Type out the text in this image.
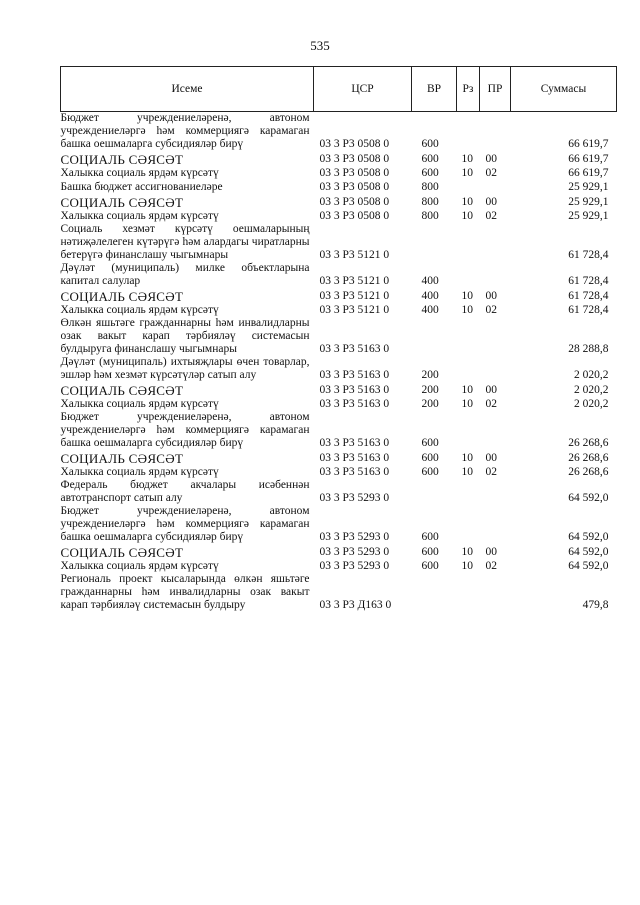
535
Исеме	ЦСР	ВР	Рз	ПР	Суммасы
Бюджет учреждениеләренә, автоном учреждениеләргә һәм коммерциягә карамаган башка оешмаларга субсидияләр бирү	03 3 Р3 0508 0	600			66 619,7
СОЦИАЛЬ СӘЯСӘТ	03 3 Р3 0508 0	600	10	00	66 619,7
Халыкка социаль ярдәм күрсәтү	03 3 Р3 0508 0	600	10	02	66 619,7
Башка бюджет ассигнованиеләре	03 3 Р3 0508 0	800			25 929,1
СОЦИАЛЬ СӘЯСӘТ	03 3 Р3 0508 0	800	10	00	25 929,1
Халыкка социаль ярдәм күрсәтү	03 3 Р3 0508 0	800	10	02	25 929,1
Социаль хезмәт күрсәтү оешмаларының нәтиҗәлелеген күтәрүгә һәм алардагы чиратларны бетерүгә финанслашу чыгымнары	03 3 Р3 5121 0				61 728,4
Дәүләт (муниципаль) милке объектларына капитал салулар	03 3 Р3 5121 0	400			61 728,4
СОЦИАЛЬ СӘЯСӘТ	03 3 Р3 5121 0	400	10	00	61 728,4
Халыкка социаль ярдәм күрсәтү	03 3 Р3 5121 0	400	10	02	61 728,4
Өлкән яшьтәге гражданнарны һәм инвалидларны озак вакыт карап тәрбияләү системасын булдыруга финанслашу чыгымнары	03 3 Р3 5163 0				28 288,8
Дәүләт (муниципаль) ихтыяҗлары өчен товарлар, эшләр һәм хезмәт күрсәтүләр сатып алу	03 3 Р3 5163 0	200			2 020,2
СОЦИАЛЬ СӘЯСӘТ	03 3 Р3 5163 0	200	10	00	2 020,2
Халыкка социаль ярдәм күрсәтү	03 3 Р3 5163 0	200	10	02	2 020,2
Бюджет учреждениеләренә, автоном учреждениеләргә һәм коммерциягә карамаган башка оешмаларга субсидияләр бирү	03 3 Р3 5163 0	600			26 268,6
СОЦИАЛЬ СӘЯСӘТ	03 3 Р3 5163 0	600	10	00	26 268,6
Халыкка социаль ярдәм күрсәтү	03 3 Р3 5163 0	600	10	02	26 268,6
Федераль бюджет акчалары исәбеннән автотранспорт сатып алу	03 3 Р3 5293 0				64 592,0
Бюджет учреждениеләренә, автоном учреждениеләргә һәм коммерциягә карамаган башка оешмаларга субсидияләр бирү	03 3 Р3 5293 0	600			64 592,0
СОЦИАЛЬ СӘЯСӘТ	03 3 Р3 5293 0	600	10	00	64 592,0
Халыкка социаль ярдәм күрсәтү	03 3 Р3 5293 0	600	10	02	64 592,0
Региональ проект кысаларында өлкән яшьтәге гражданнарны һәм инвалидларны озак вакыт карап тәрбияләү системасын булдыру	03 3 Р3 Д163 0				479,8
